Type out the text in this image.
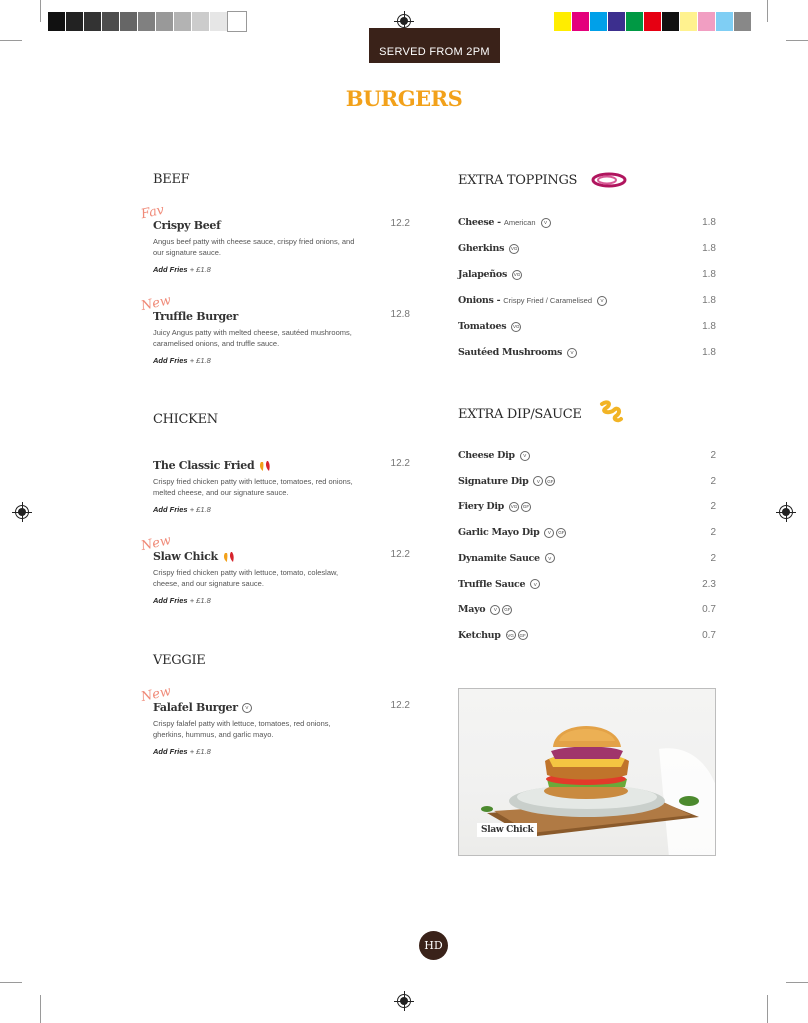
SERVED FROM 2PM
BURGERS
BEEF
Fav
Crispy Beef
Angus beef patty with cheese sauce, crispy fried onions, and our signature sauce.
Add Fries + £1.8
12.2
New
Truffle Burger
Juicy Angus patty with melted cheese, sautéed mushrooms, caramelised onions, and truffle sauce.
Add Fries + £1.8
12.8
CHICKEN
The Classic Fried
Crispy fried chicken patty with lettuce, tomatoes, red onions, melted cheese, and our signature sauce.
Add Fries + £1.8
12.2
New
Slaw Chick
Crispy fried chicken patty with lettuce, tomato, coleslaw, cheese, and our signature sauce.
Add Fries + £1.8
12.2
VEGGIE
New
Falafel Burger	V
Crispy falafel patty with lettuce, tomatoes, red onions, gherkins, hummus, and garlic mayo.
Add Fries + £1.8
12.2
EXTRA TOPPINGS
Cheese - American	V	1.8
Gherkins	VG	1.8
Jalapeños	VG	1.8
Onions - Crispy Fried / Caramelised	V	1.8
Tomatoes	VG	1.8
Sautéed Mushrooms	V	1.8
EXTRA DIP/SAUCE
Cheese Dip	V	2
Signature Dip	V	GF	2
Fiery Dip	VG	GF	2
Garlic Mayo Dip	V	GF	2
Dynamite Sauce	V	2
Truffle Sauce	V	2.3
Mayo	V	GF	0.7
Ketchup	VG	GF	0.7
Slaw Chick
HD
